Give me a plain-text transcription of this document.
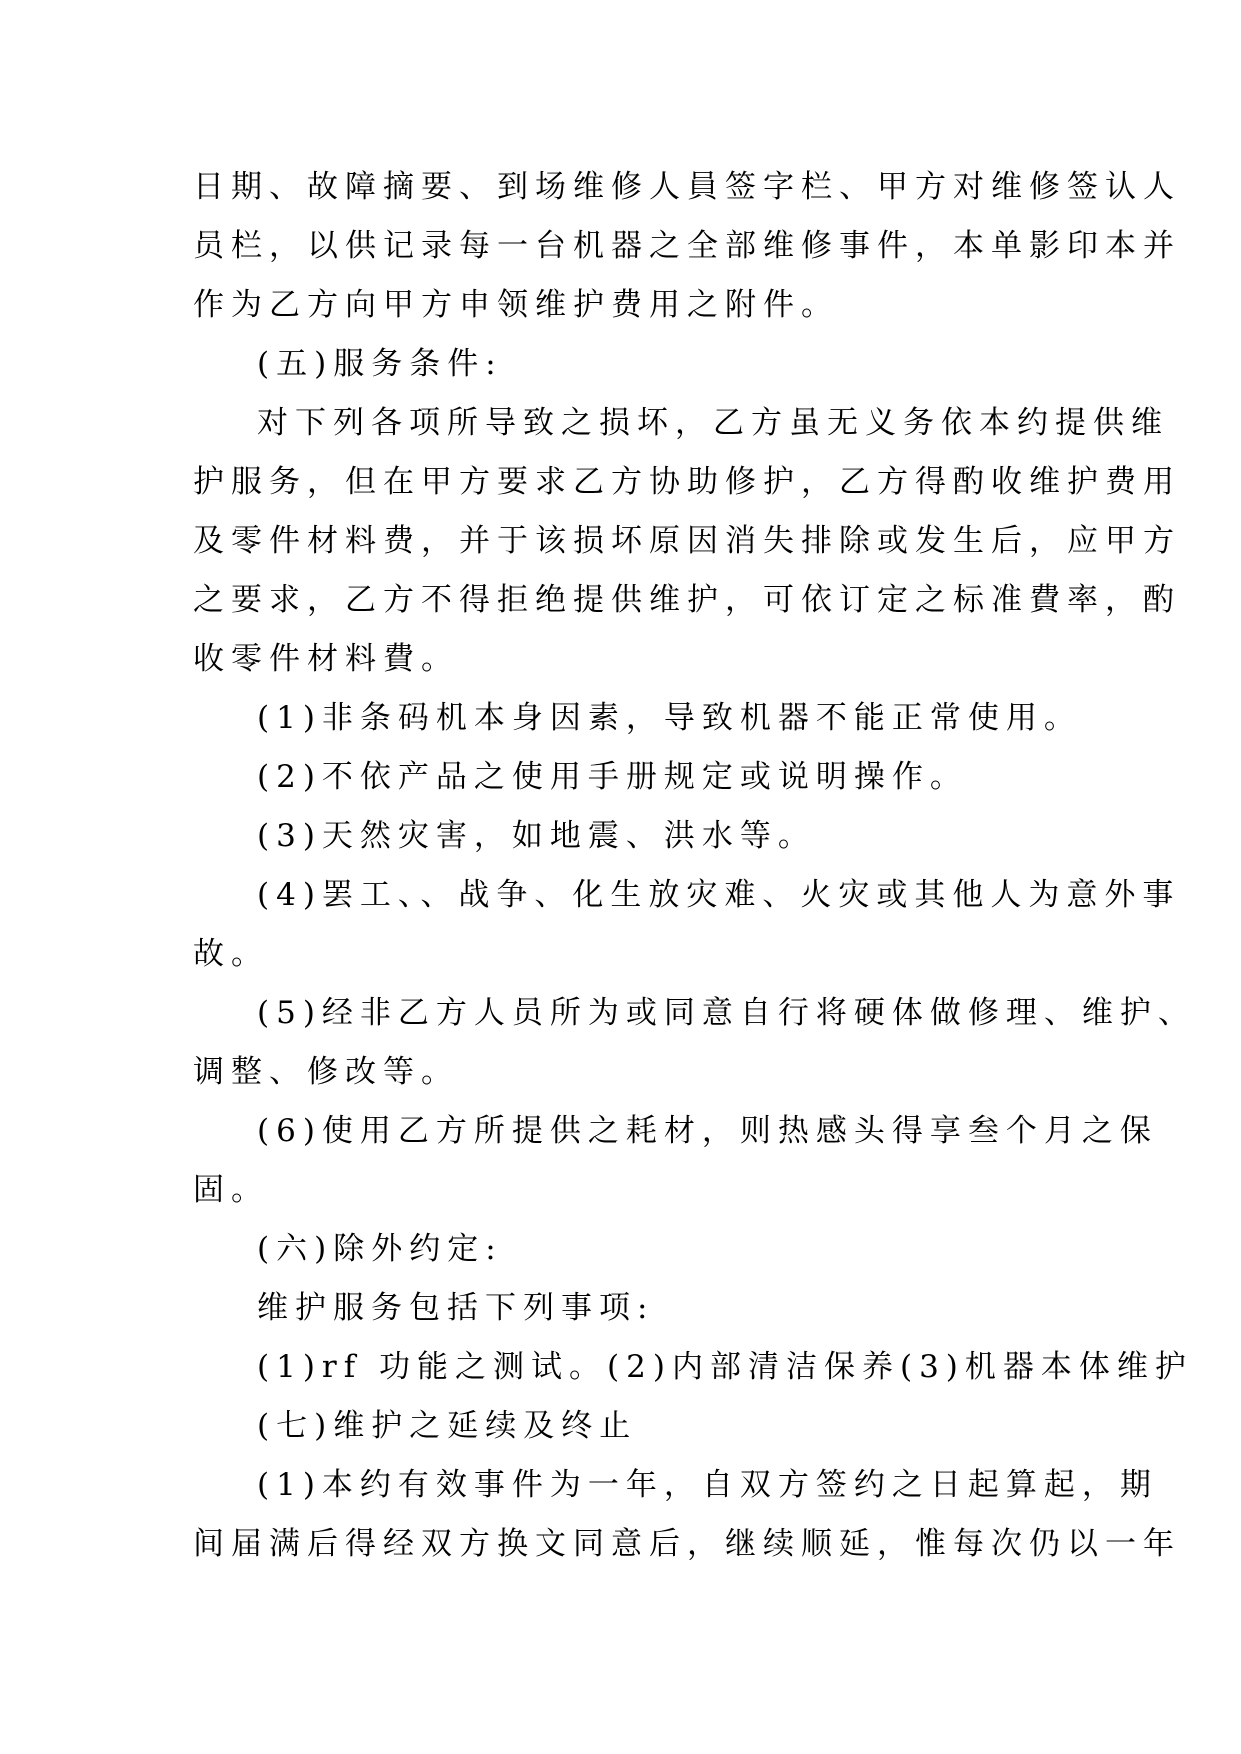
日期、故障摘要、到场维修人員签字栏、甲方对维修签认人
员栏，以供记录每一台机器之全部维修事件，本单影印本并
作为乙方向甲方申领维护费用之附件。
(五)服务条件:
对下列各项所导致之损坏，乙方虽无义务依本约提供维
护服务，但在甲方要求乙方协助修护，乙方得酌收维护费用
及零件材料费，并于该损坏原因消失排除或发生后，应甲方
之要求，乙方不得拒绝提供维护，可依订定之标准費率，酌
收零件材料費。
(1)非条码机本身因素，导致机器不能正常使用。
(2)不依产品之使用手册规定或说明操作。
(3)天然灾害，如地震、洪水等。
(4)罢工、、战争、化生放灾难、火灾或其他人为意外事
故。
(5)经非乙方人员所为或同意自行将硬体做修理、维护、
调整、修改等。
(6)使用乙方所提供之耗材，则热感头得享叁个月之保
固。
(六)除外约定:
维护服务包括下列事项:
(1)rf 功能之测试。(2)内部清洁保养(3)机器本体维护
(七)维护之延续及终止
(1)本约有效事件为一年，自双方签约之日起算起，期
间届满后得经双方换文同意后，继续顺延，惟每次仍以一年
